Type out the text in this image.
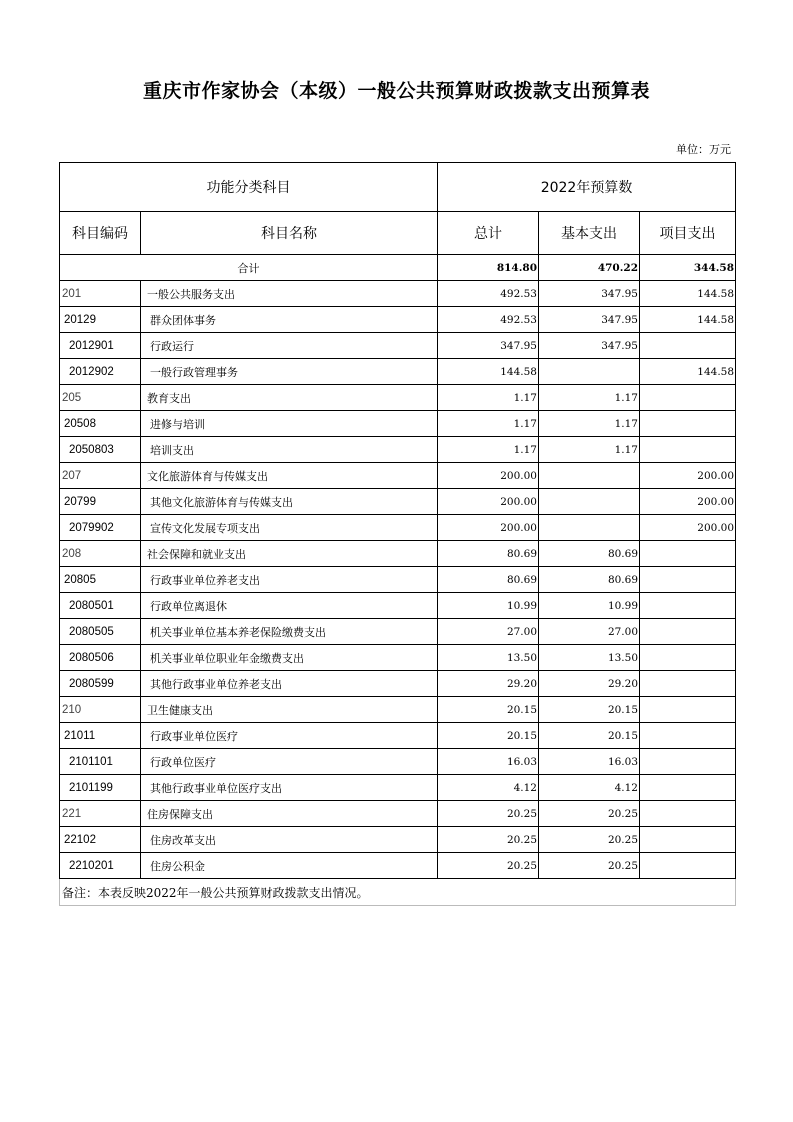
重庆市作家协会（本级）一般公共预算财政拨款支出预算表
单位：万元
功能分类科目		2022年预算数		
科目编码	科目名称	总计	基本支出	项目支出
合计		814.80	470.22	344.58
201	一般公共服务支出	492.53	347.95	144.58
20129	群众团体事务	492.53	347.95	144.58
2012901	行政运行	347.95	347.95	
2012902	一般行政管理事务	144.58		144.58
205	教育支出	1.17	1.17	
20508	进修与培训	1.17	1.17	
2050803	培训支出	1.17	1.17	
207	文化旅游体育与传媒支出	200.00		200.00
20799	其他文化旅游体育与传媒支出	200.00		200.00
2079902	宣传文化发展专项支出	200.00		200.00
208	社会保障和就业支出	80.69	80.69	
20805	行政事业单位养老支出	80.69	80.69	
2080501	行政单位离退休	10.99	10.99	
2080505	机关事业单位基本养老保险缴费支出	27.00	27.00	
2080506	机关事业单位职业年金缴费支出	13.50	13.50	
2080599	其他行政事业单位养老支出	29.20	29.20	
210	卫生健康支出	20.15	20.15	
21011	行政事业单位医疗	20.15	20.15	
2101101	行政单位医疗	16.03	16.03	
2101199	其他行政事业单位医疗支出	4.12	4.12	
221	住房保障支出	20.25	20.25	
22102	住房改革支出	20.25	20.25	
2210201	住房公积金	20.25	20.25	
备注：本表反映2022年一般公共预算财政拨款支出情况。				
